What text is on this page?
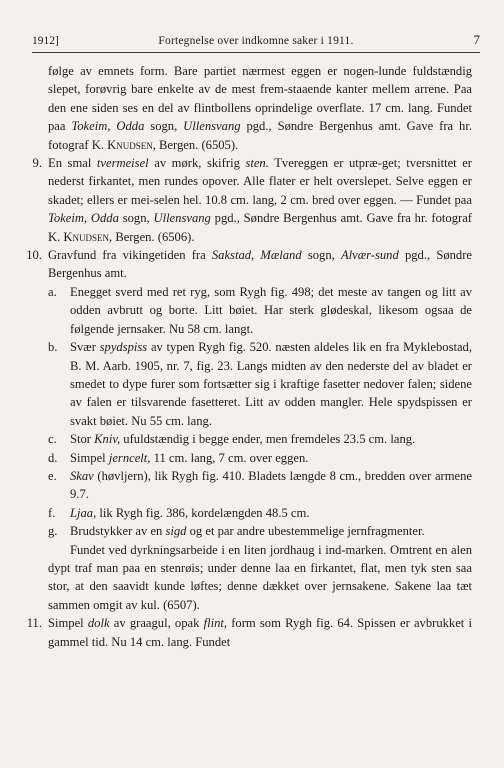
1912]	Fortegnelse over indkomne saker i 1911.	7

følge av emnets form. Bare partiet nærmest eggen er nogen-lunde fuldstændig slepet, forøvrig bare enkelte av de mest frem-staaende kanter mellem arrene. Paa den ene siden ses en del av flintbollens oprindelige overflate. 17 cm. lang. Fundet paa Tokeim, Odda sogn, Ullensvang pgd., Søndre Bergenhus amt. Gave fra hr. fotograf K. Knudsen, Bergen. (6505).

9. En smal tvermeisel av mørk, skifrig sten. Tvereggen er utpræ-get; tversnittet er nederst firkantet, men rundes opover. Alle flater er helt overslepet. Selve eggen er skadet; ellers er mei-selen hel. 10.8 cm. lang, 2 cm. bred over eggen. — Fundet paa Tokeim, Odda sogn, Ullensvang pgd., Søndre Bergenhus amt. Gave fra hr. fotograf K. Knudsen, Bergen. (6506).

10. Gravfund fra vikingetiden fra Sakstad, Mæland sogn, Alvær-sund pgd., Søndre Bergenhus amt.

a. Enegget sverd med ret ryg, som Rygh fig. 498; det meste av tangen og litt av odden avbrutt og borte. Litt bøiet. Har sterk glødeskal, likesom ogsaa de følgende jernsaker. Nu 58 cm. langt.

b. Svær spydspiss av typen Rygh fig. 520. næsten aldeles lik en fra Myklebostad, B. M. Aarb. 1905, nr. 7, fig. 23. Langs midten av den nederste del av bladet er smedet to dype furer som fortsætter sig i kraftige fasetter nedover falen; sidene av falen er tilsvarende fasetteret. Litt av odden mangler. Hele spydspissen er svakt bøiet. Nu 55 cm. lang.

c. Stor Kniv, ufuldstændig i begge ender, men fremdeles 23.5 cm. lang.

d. Simpel jerncelt, 11 cm. lang, 7 cm. over eggen.

e. Skav (høvljern), lik Rygh fig. 410. Bladets længde 8 cm., bredden over armene 9.7.

f. Ljaa, lik Rygh fig. 386, kordelængden 48.5 cm.

g. Brudstykker av en sigd og et par andre ubestemmelige jernfragmenter.

Fundet ved dyrkningsarbeide i en liten jordhaug i ind-marken. Omtrent en alen dypt traf man paa en stenrøis; under denne laa en firkantet, flat, men tyk sten saa stor, at den saavidt kunde løftes; denne dækket over jernsakene. Sakene laa tæt sammen omgit av kul. (6507).

11. Simpel dolk av graagul, opak flint, form som Rygh fig. 64. Spissen er avbrukket i gammel tid. Nu 14 cm. lang. Fundet
